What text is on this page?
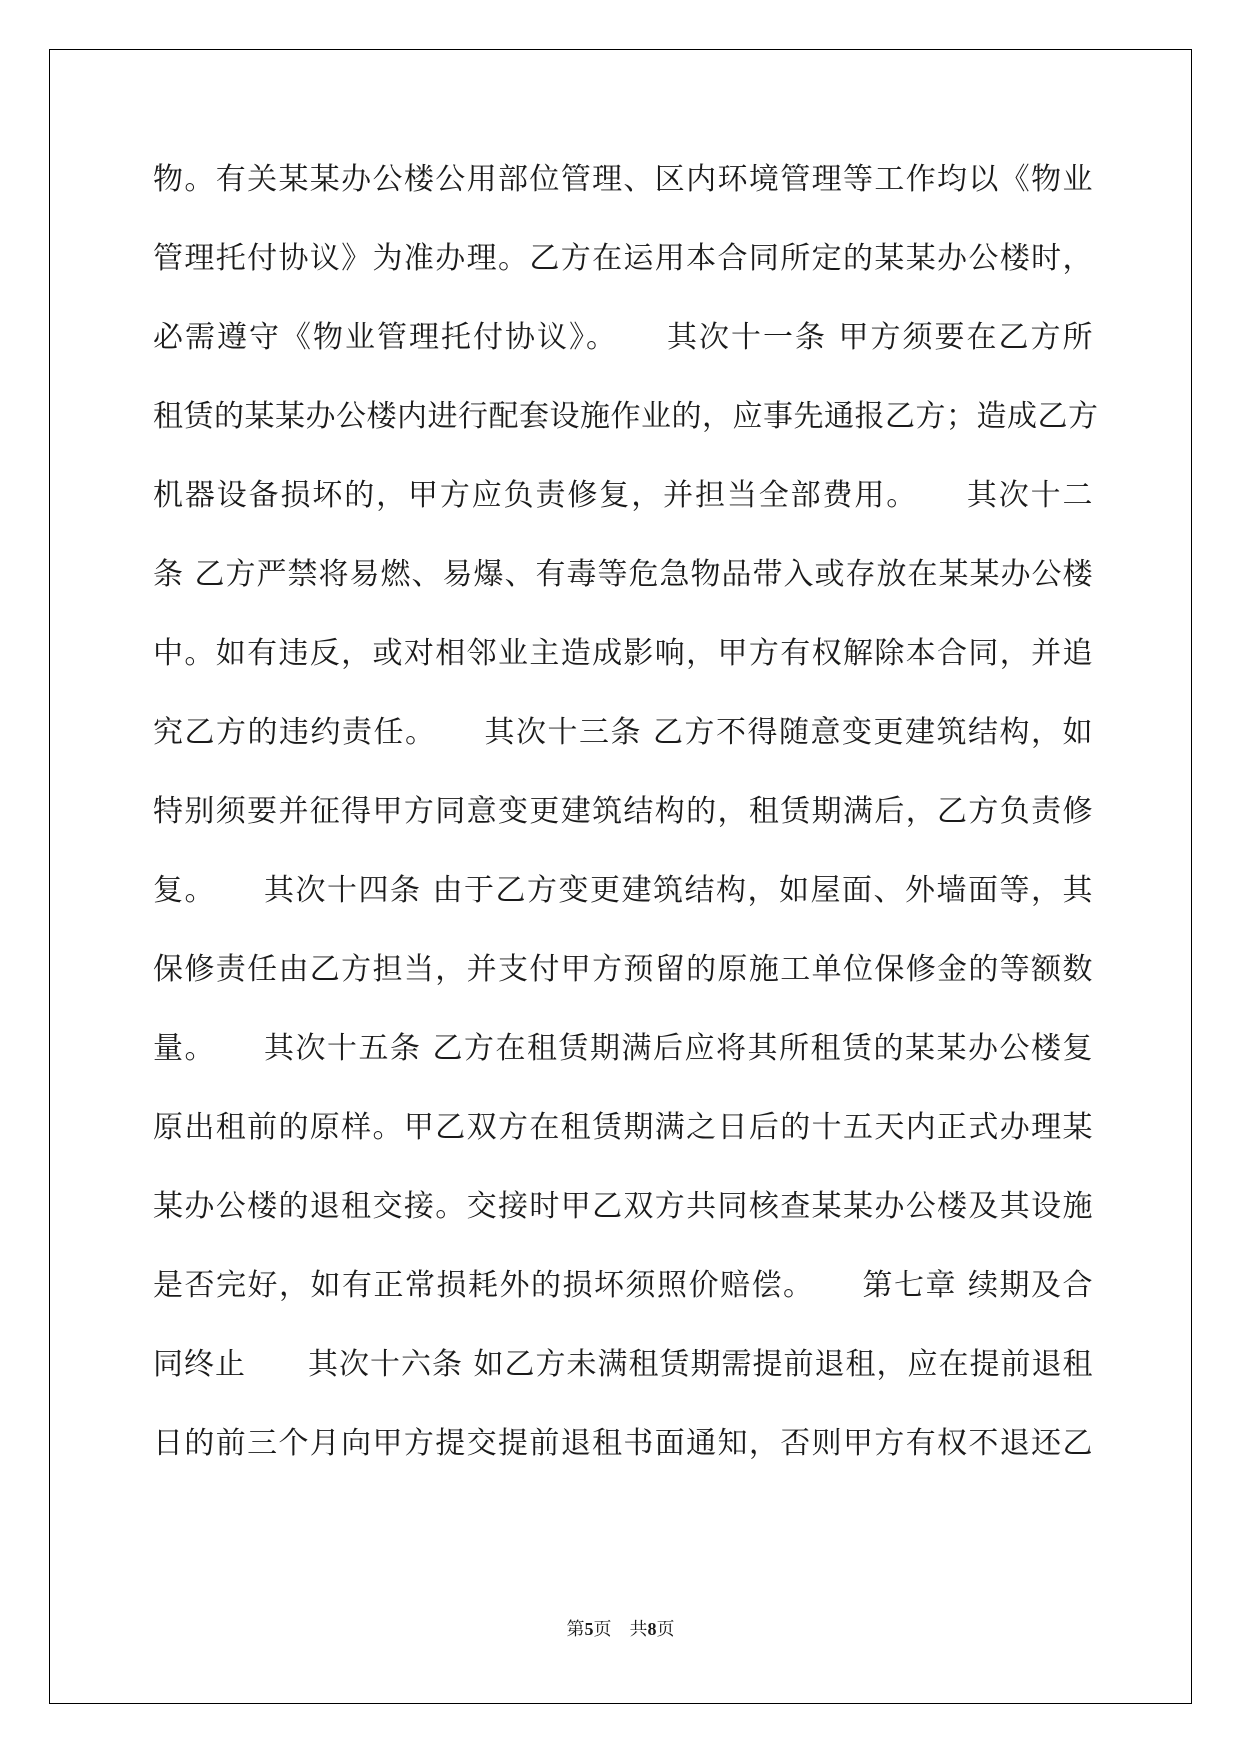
物。有关某某办公楼公用部位管理、区内环境管理等工作均以《物业
管理托付协议》为准办理。乙方在运用本合同所定的某某办公楼时，
必需遵守《物业管理托付协议》。　　其次十一条 甲方须要在乙方所
租赁的某某办公楼内进行配套设施作业的，应事先通报乙方；造成乙方
机器设备损坏的，甲方应负责修复，并担当全部费用。　　其次十二
条 乙方严禁将易燃、易爆、有毒等危急物品带入或存放在某某办公楼
中。如有违反，或对相邻业主造成影响，甲方有权解除本合同，并追
究乙方的违约责任。　　其次十三条 乙方不得随意变更建筑结构，如
特别须要并征得甲方同意变更建筑结构的，租赁期满后，乙方负责修
复。　　其次十四条 由于乙方变更建筑结构，如屋面、外墙面等，其
保修责任由乙方担当，并支付甲方预留的原施工单位保修金的等额数
量。　　其次十五条 乙方在租赁期满后应将其所租赁的某某办公楼复
原出租前的原样。甲乙双方在租赁期满之日后的十五天内正式办理某
某办公楼的退租交接。交接时甲乙双方共同核查某某办公楼及其设施
是否完好，如有正常损耗外的损坏须照价赔偿。　　第七章 续期及合
同终止　　其次十六条 如乙方未满租赁期需提前退租，应在提前退租
日的前三个月向甲方提交提前退租书面通知，否则甲方有权不退还乙
第5页 共8页
